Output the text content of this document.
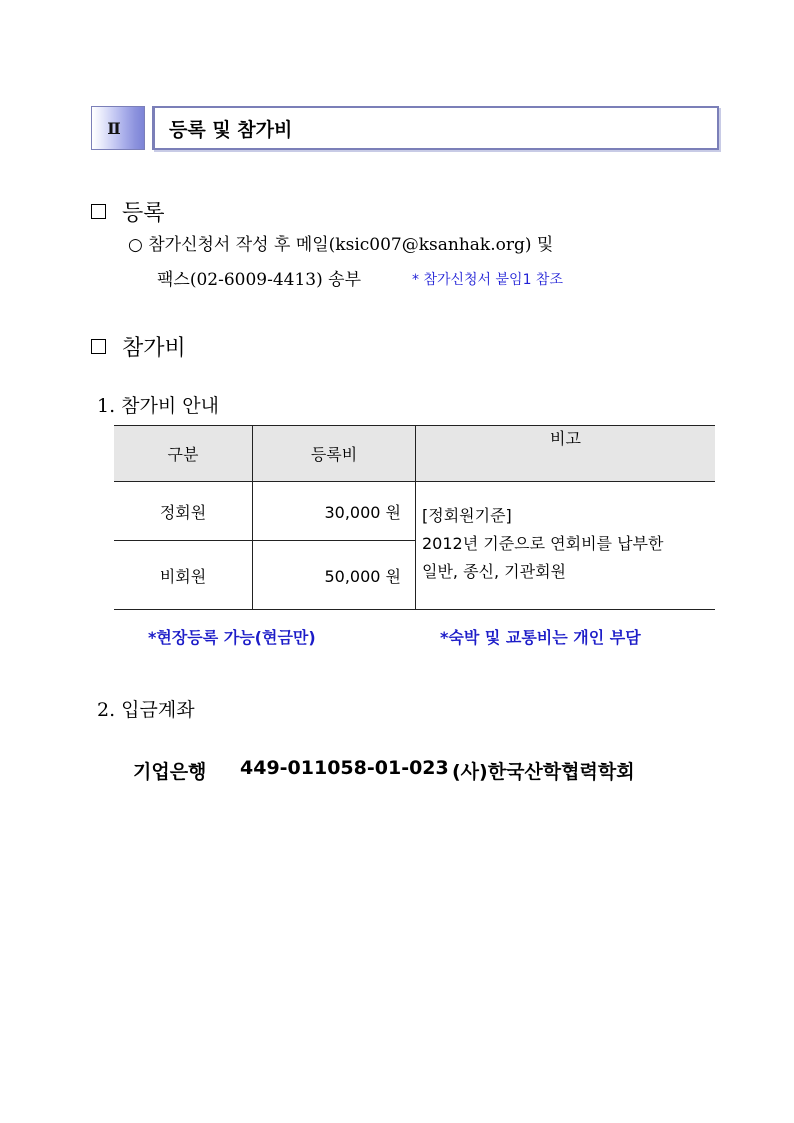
Ⅱ	등록 및 참가비
등록
○ 참가신청서 작성 후 메일(ksic007@ksanhak.org) 및
팩스(02-6009-4413) 송부	* 참가신청서 붙임1 참조
참가비
1. 참가비 안내
구분	등록비	비고
정회원	30,000 원	[정회원기준]
2012년 기준으로 연회비를 납부한
일반, 종신, 기관회원

비회원	50,000 원	
*현장등록 가능(현금만)	*숙박 및 교통비는 개인 부담
2. 입금계좌
기업은행 449-011058-01-023 (사)한국산학협력학회
